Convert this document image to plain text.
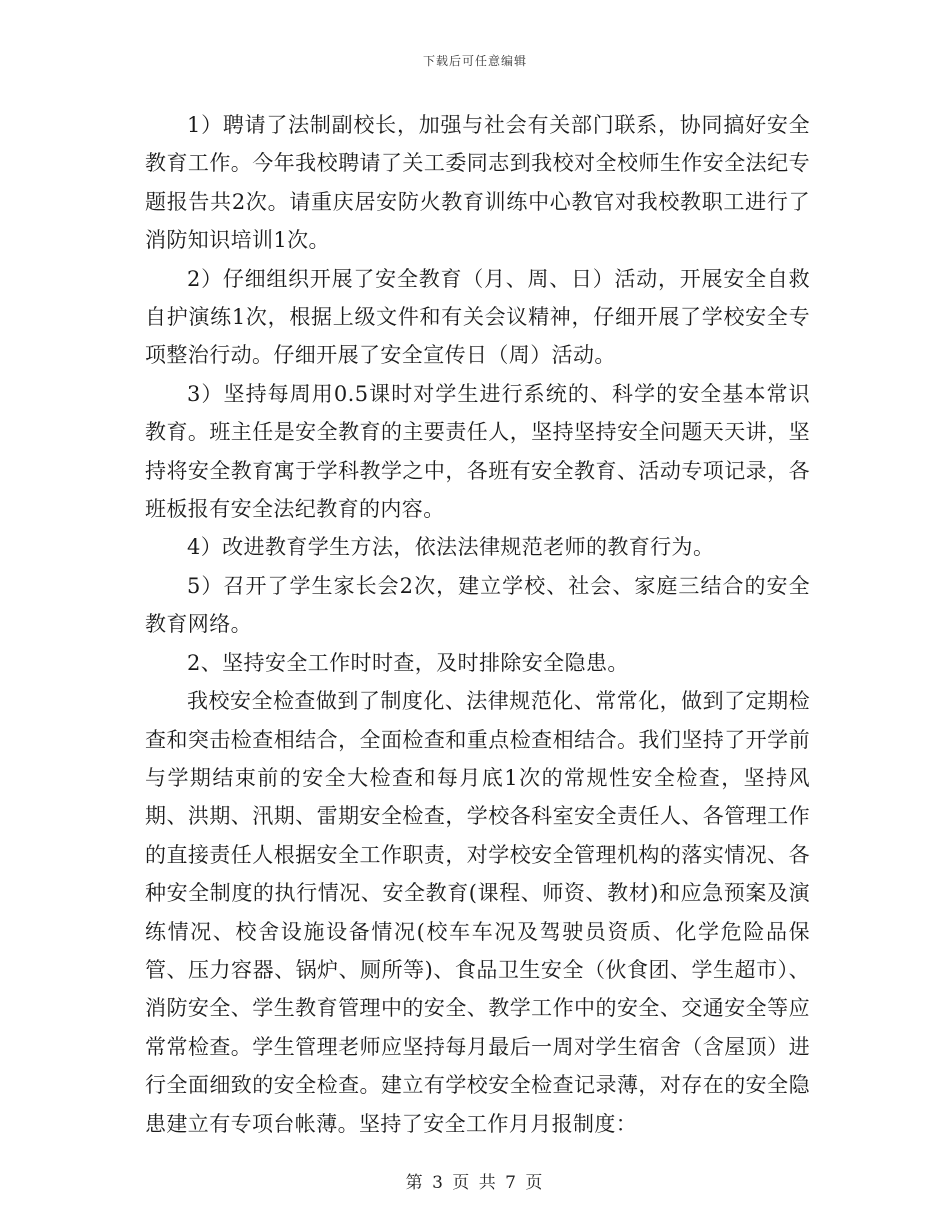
下载后可任意编辑

1）聘请了法制副校长，加强与社会有关部门联系，协同搞好安全教育工作。今年我校聘请了关工委同志到我校对全校师生作安全法纪专题报告共2次。请重庆居安防火教育训练中心教官对我校教职工进行了消防知识培训1次。

2）仔细组织开展了安全教育（月、周、日）活动，开展安全自救自护演练1次，根据上级文件和有关会议精神，仔细开展了学校安全专项整治行动。仔细开展了安全宣传日（周）活动。

3）坚持每周用0.5课时对学生进行系统的、科学的安全基本常识教育。班主任是安全教育的主要责任人，坚持坚持安全问题天天讲，坚持将安全教育寓于学科教学之中，各班有安全教育、活动专项记录，各班板报有安全法纪教育的内容。

4）改进教育学生方法，依法法律规范老师的教育行为。

5）召开了学生家长会2次，建立学校、社会、家庭三结合的安全教育网络。

2、坚持安全工作时时查，及时排除安全隐患。

我校安全检查做到了制度化、法律规范化、常常化，做到了定期检查和突击检查相结合，全面检查和重点检查相结合。我们坚持了开学前与学期结束前的安全大检查和每月底1次的常规性安全检查，坚持风期、洪期、汛期、雷期安全检查，学校各科室安全责任人、各管理工作的直接责任人根据安全工作职责，对学校安全管理机构的落实情况、各种安全制度的执行情况、安全教育(课程、师资、教材)和应急预案及演练情况、校舍设施设备情况(校车车况及驾驶员资质、化学危险品保管、压力容器、锅炉、厕所等)、食品卫生安全（伙食团、学生超市）、消防安全、学生教育管理中的安全、教学工作中的安全、交通安全等应常常检查。学生管理老师应坚持每月最后一周对学生宿舍（含屋顶）进行全面细致的安全检查。建立有学校安全检查记录薄，对存在的安全隐患建立有专项台帐薄。坚持了安全工作月月报制度：

第 3 页 共 7 页
